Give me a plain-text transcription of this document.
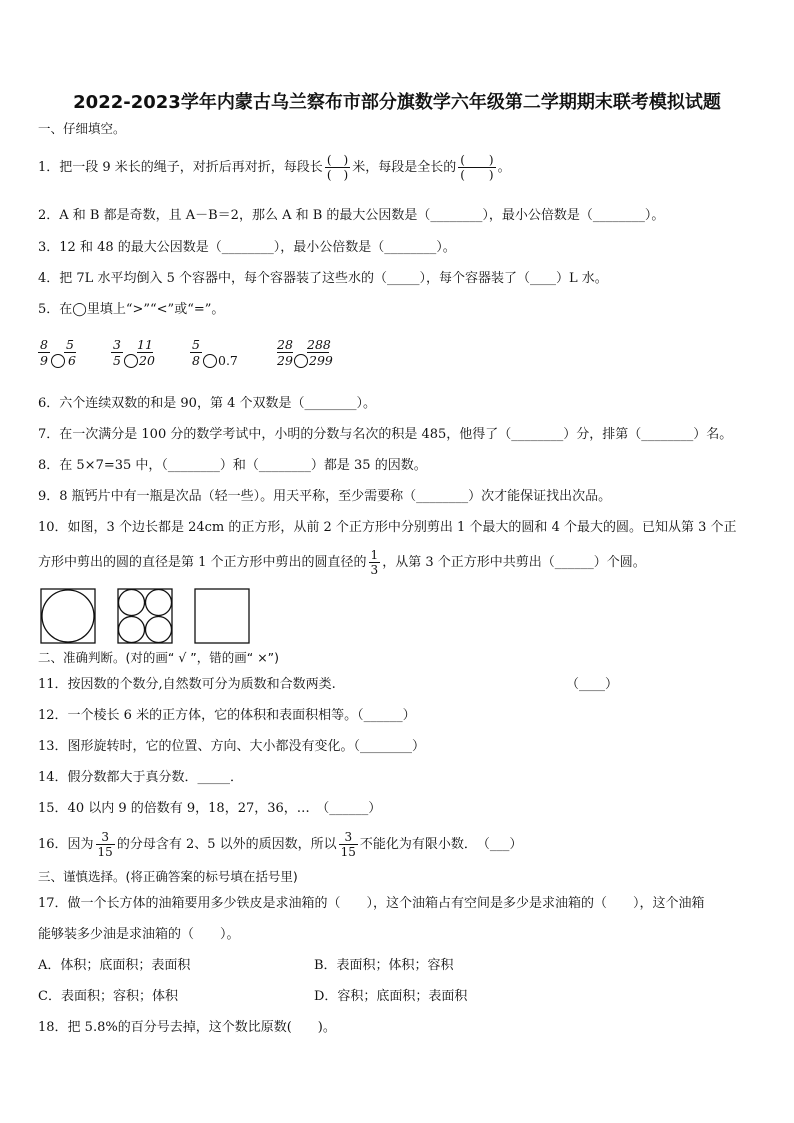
2022-2023学年内蒙古乌兰察布市部分旗数学六年级第二学期期末联考模拟试题
一、仔细填空。
1．把一段 9 米长的绳子，对折后再对折，每段长 $\frac{( )}{( )}$ 米，每段是全长的 $\frac{( )}{( )}$ 。
2．A 和 B 都是奇数，且 A－B＝2，那么 A 和 B 的最大公因数是（________），最小公倍数是（________）。
3．12 和 48 的最大公因数是（________），最小公倍数是（________）。
4．把 7L 水平均倒入 5 个容器中，每个容器装了这些水的（_____），每个容器装了（____）L 水。
5．在◯里填上“>”“<”或“=”。
8 5
9 6
3 11
5 20
5
8 0.7
28 288
29 299
6．六个连续双数的和是 90，第 4 个双数是（________）。
7．在一次满分是 100 分的数学考试中，小明的分数与名次的积是 485，他得了（________）分，排第（________）名。
8．在 5×7=35 中，（________）和（________）都是 35 的因数。
9．8 瓶钙片中有一瓶是次品（轻一些）。用天平称，至少需要称（________）次才能保证找出次品。
10．如图，3 个边长都是 24cm 的正方形，从前 2 个正方形中分别剪出 1 个最大的圆和 4 个最大的圆。已知从第 3 个正
方形中剪出的圆的直径是第 1 个正方形中剪出的圆直径的 $\frac{1}{3}$ ，从第 3 个正方形中共剪出（______）个圆。
二、准确判断。(对的画“ √ ”，错的画“ ×”)
11．按因数的个数分,自然数可分为质数和合数两类.	（____）
12．一个棱长 6 米的正方体，它的体积和表面积相等。（______）
13．图形旋转时，它的位置、方向、大小都没有变化。（________）
14．假分数都大于真分数．_____．
15．40 以内 9 的倍数有 9，18，27，36，…　（______）
16．因为 $\frac{3}{15}$ 的分母含有 2、5 以外的质因数，所以 $\frac{3}{15}$ 不能化为有限小数．　（___）
三、谨慎选择。(将正确答案的标号填在括号里)
17．做一个长方体的油箱要用多少铁皮是求油箱的（　　），这个油箱占有空间是多少是求油箱的（　　），这个油箱
能够装多少油是求油箱的（　　）。
A．体积；底面积；表面积	B．表面积；体积；容积
C．表面积；容积；体积	D．容积；底面积；表面积
18．把 5.8%的百分号去掉，这个数比原数(　　)。
